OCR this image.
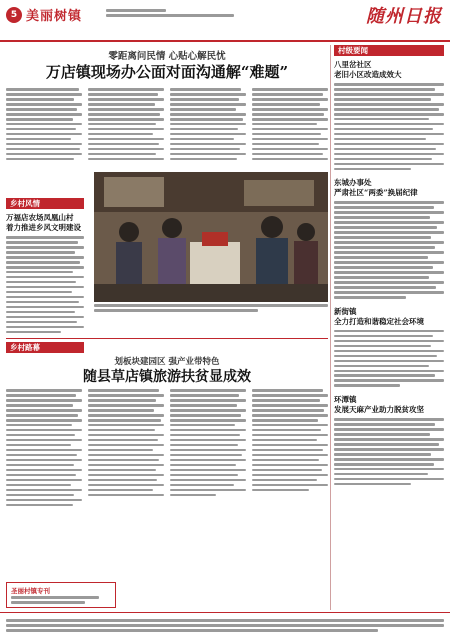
5 美丽树镇	随州日报
村级要闻
零距离问民情 心贴心解民忧
万店镇现场办公面对面沟通解“难题”
乡村风情
万福店农场凤凰山村
着力推进乡风文明建设
乡村路幕
划板块建园区 强产业带特色
随县草店镇旅游扶贫显成效
八里岔社区
老旧小区改造成效大
东城办事处
严肃社区“两委”换届纪律
新街镇
全力打造和谐稳定社会环境
环潭镇
发展天麻产业助力脱贫攻坚
圣丽村镇专刊
